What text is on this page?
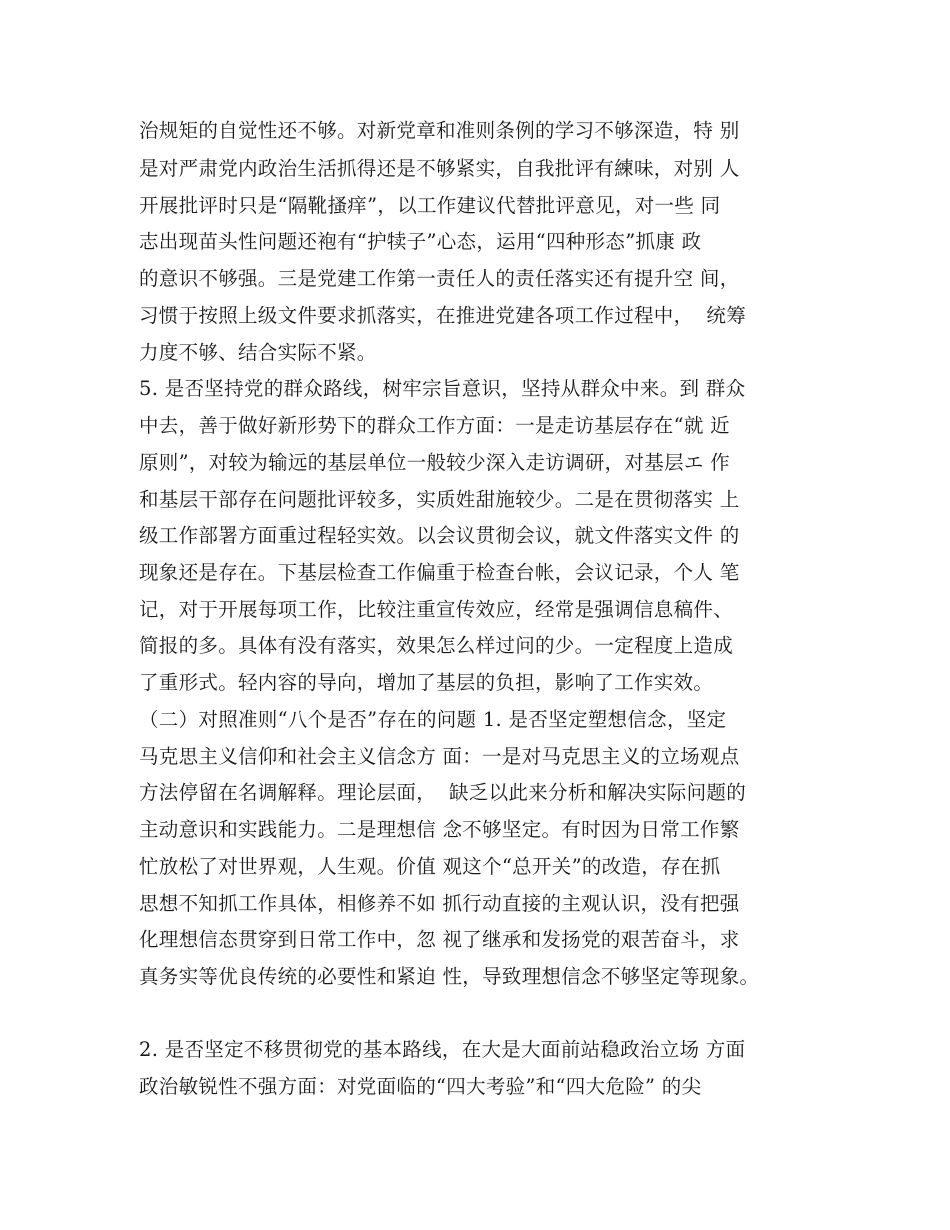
治规矩的自觉性还不够。对新党章和准则条例的学习不够深造，特 别
是对严肃党内政治生活抓得还是不够紧实，自我批评有練味，对别 人
开展批评时只是“隔靴搔痒”，以工作建议代替批评意见，对一些 同
志出现苗头性问题还袍有“护犊子”心态，运用“四种形态”抓康 政
的意识不够强。三是党建工作第一责任人的责任落实还有提升空 间，
习惯于按照上级文件要求抓落实，在推进党建各项工作过程中，  统筹
力度不够、结合实际不紧。
5. 是否坚持党的群众路线，树牢宗旨意识，坚持从群众中来。到 群众
中去，善于做好新形势下的群众工作方面：一是走访基层存在“就 近
原则”，对较为输远的基层单位一般较少深入走访调研，对基层エ 作
和基层干部存在问题批评较多，实质姓甜施较少。二是在贯彻落实 上
级工作部署方面重过程轻实效。以会议贯彻会议，就文件落实文件 的
现象还是存在。下基层检查工作偏重于检查台帐，会议记录，个人 笔
记，对于开展每项工作，比较注重宣传效应，经常是强调信息稿件、
简报的多。具体有没有落实，效果怎么样过问的少。一定程度上造成
了重形式。轻内容的导向，增加了基层的负担，影响了工作实效。
（二）对照准则“八个是否”存在的问题 1. 是否坚定塑想信念，坚定
马克思主义信仰和社会主义信念方 面：一是对马克思主义的立场观点
方法停留在名调解释。理论层面，  缺乏以此来分析和解决实际问题的
主动意识和实践能力。二是理想信 念不够坚定。有时因为日常工作繁
忙放松了对世界观，人生观。价值 观这个“总开关”的改造，存在抓
思想不知抓工作具体，相修养不如 抓行动直接的主观认识，没有把强
化理想信态贯穿到日常工作中，忽 视了继承和发扬党的艰苦奋斗，求
真务实等优良传统的必要性和紧迫 性，导致理想信念不够坚定等现象。
2. 是否坚定不移贯彻党的基本路线，在大是大面前站稳政治立场 方面
政治敏锐性不强方面：对党面临的“四大考验”和“四大危险” 的尖
